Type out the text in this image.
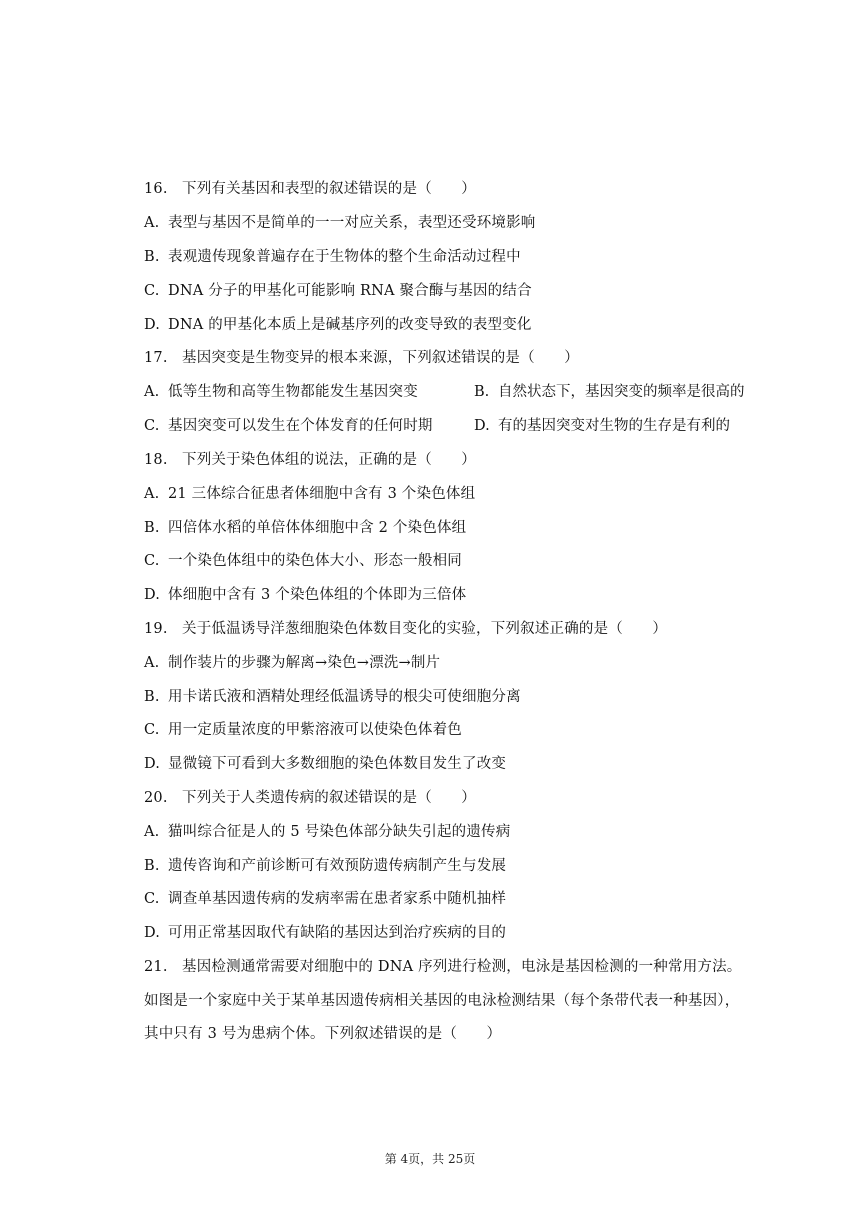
16. 下列有关基因和表型的叙述错误的是（　　）
A. 表型与基因不是简单的一一对应关系，表型还受环境影响
B. 表观遗传现象普遍存在于生物体的整个生命活动过程中
C. DNA 分子的甲基化可能影响 RNA 聚合酶与基因的结合
D. DNA 的甲基化本质上是碱基序列的改变导致的表型变化
17. 基因突变是生物变异的根本来源，下列叙述错误的是（　　）
A. 低等生物和高等生物都能发生基因突变	B. 自然状态下，基因突变的频率是很高的
C. 基因突变可以发生在个体发育的任何时期	D. 有的基因突变对生物的生存是有利的
18. 下列关于染色体组的说法，正确的是（　　）
A. 21 三体综合征患者体细胞中含有 3 个染色体组
B. 四倍体水稻的单倍体体细胞中含 2 个染色体组
C. 一个染色体组中的染色体大小、形态一般相同
D. 体细胞中含有 3 个染色体组的个体即为三倍体
19. 关于低温诱导洋葱细胞染色体数目变化的实验，下列叙述正确的是（　　）
A. 制作装片的步骤为解离→染色→漂洗→制片
B. 用卡诺氏液和酒精处理经低温诱导的根尖可使细胞分离
C. 用一定质量浓度的甲紫溶液可以使染色体着色
D. 显微镜下可看到大多数细胞的染色体数目发生了改变
20. 下列关于人类遗传病的叙述错误的是（　　）
A. 猫叫综合征是人的 5 号染色体部分缺失引起的遗传病
B. 遗传咨询和产前诊断可有效预防遗传病制产生与发展
C. 调查单基因遗传病的发病率需在患者家系中随机抽样
D. 可用正常基因取代有缺陷的基因达到治疗疾病的目的
21. 基因检测通常需要对细胞中的 DNA 序列进行检测，电泳是基因检测的一种常用方法。
如图是一个家庭中关于某单基因遗传病相关基因的电泳检测结果（每个条带代表一种基因），
其中只有 3 号为患病个体。下列叙述错误的是（　　）
第 4页，共 25页
